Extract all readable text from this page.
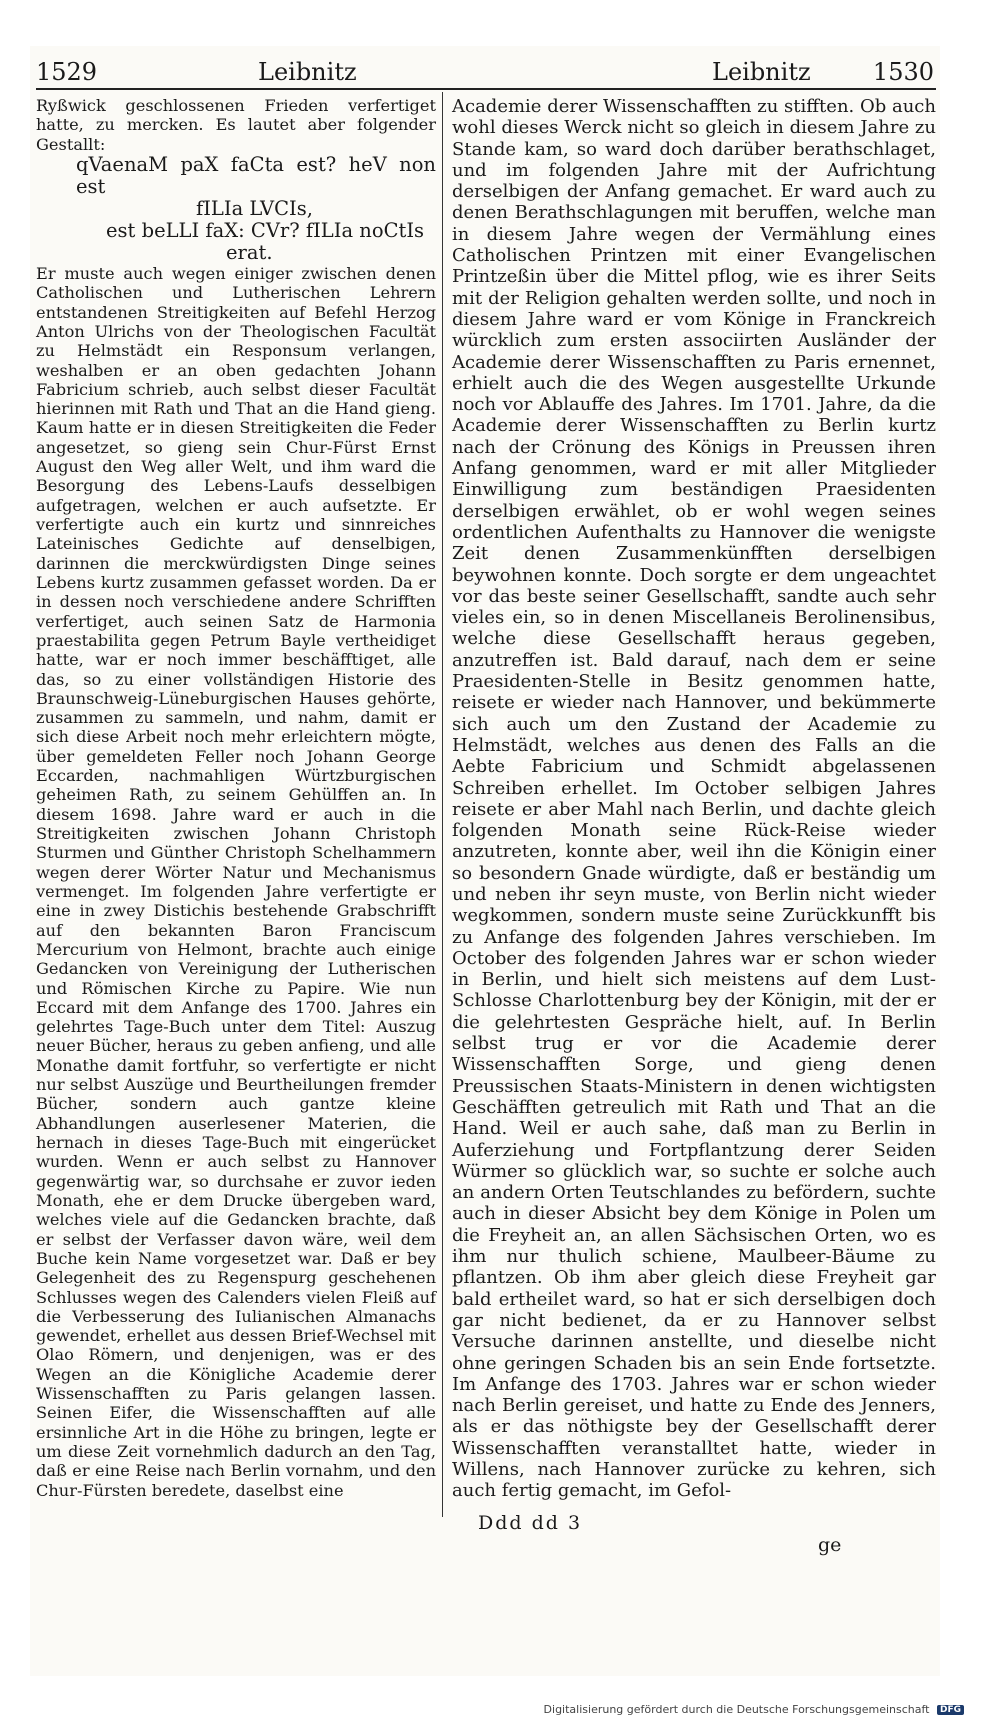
1529	Leibnitz	Leibnitz	1530

Ryßwick geschlossenen Frieden verfertiget hatte, zu mercken. Es lautet aber folgender Gestallt:

qVaenaM paX faCta est? heV non est

fILIa LVCIs,

est beLLI faX: CVr? fILIa noCtIs

erat.

Er muste auch wegen einiger zwischen denen Catholischen und Lutherischen Lehrern entstandenen Streitigkeiten auf Befehl Herzog Anton Ulrichs von der Theologischen Facultät zu Helmstädt ein Responsum verlangen, weshalben er an oben gedachten Johann Fabricium schrieb, auch selbst dieser Facultät hierinnen mit Rath und That an die Hand gieng. Kaum hatte er in diesen Streitigkeiten die Feder angesetzet, so gieng sein Chur-Fürst Ernst August den Weg aller Welt, und ihm ward die Besorgung des Lebens-Laufs desselbigen aufgetragen, welchen er auch aufsetzte. Er verfertigte auch ein kurtz und sinnreiches Lateinisches Gedichte auf denselbigen, darinnen die merckwürdigsten Dinge seines Lebens kurtz zusammen gefasset worden. Da er in dessen noch verschiedene andere Schrifften verfertiget, auch seinen Satz de Harmonia praestabilita gegen Petrum Bayle vertheidiget hatte, war er noch immer beschäfftiget, alle das, so zu einer vollständigen Historie des Braunschweig-Lüneburgischen Hauses gehörte, zusammen zu sammeln, und nahm, damit er sich diese Arbeit noch mehr erleichtern mögte, über gemeldeten Feller noch Johann George Eccarden, nachmahligen Würtzburgischen geheimen Rath, zu seinem Gehülffen an. In diesem 1698. Jahre ward er auch in die Streitigkeiten zwischen Johann Christoph Sturmen und Günther Christoph Schelhammern wegen derer Wörter Natur und Mechanismus vermenget. Im folgenden Jahre verfertigte er eine in zwey Distichis bestehende Grabschrifft auf den bekannten Baron Franciscum Mercurium von Helmont, brachte auch einige Gedancken von Vereinigung der Lutherischen und Römischen Kirche zu Papire. Wie nun Eccard mit dem Anfange des 1700. Jahres ein gelehrtes Tage-Buch unter dem Titel: Auszug neuer Bücher, heraus zu geben anfieng, und alle Monathe damit fortfuhr, so verfertigte er nicht nur selbst Auszüge und Beurtheilungen fremder Bücher, sondern auch gantze kleine Abhandlungen auserlesener Materien, die hernach in dieses Tage-Buch mit eingerücket wurden. Wenn er auch selbst zu Hannover gegenwärtig war, so durchsahe er zuvor ieden Monath, ehe er dem Drucke übergeben ward, welches viele auf die Gedancken brachte, daß er selbst der Verfasser davon wäre, weil dem Buche kein Name vorgesetzet war. Daß er bey Gelegenheit des zu Regenspurg geschehenen Schlusses wegen des Calenders vielen Fleiß auf die Verbesserung des Iulianischen Almanachs gewendet, erhellet aus dessen Brief-Wechsel mit Olao Römern, und denjenigen, was er des Wegen an die Königliche Academie derer Wissenschafften zu Paris gelangen lassen. Seinen Eifer, die Wissenschafften auf alle ersinnliche Art in die Höhe zu bringen, legte er um diese Zeit vornehmlich dadurch an den Tag, daß er eine Reise nach Berlin vornahm, und den Chur-Fürsten beredete, daselbst eine

Academie derer Wissenschafften zu stifften. Ob auch wohl dieses Werck nicht so gleich in diesem Jahre zu Stande kam, so ward doch darüber berathschlaget, und im folgenden Jahre mit der Aufrichtung derselbigen der Anfang gemachet. Er ward auch zu denen Berathschlagungen mit beruffen, welche man in diesem Jahre wegen der Vermählung eines Catholischen Printzen mit einer Evangelischen Printzeßin über die Mittel pflog, wie es ihrer Seits mit der Religion gehalten werden sollte, und noch in diesem Jahre ward er vom Könige in Franckreich würcklich zum ersten associirten Ausländer der Academie derer Wissenschafften zu Paris ernennet, erhielt auch die des Wegen ausgestellte Urkunde noch vor Ablauffe des Jahres. Im 1701. Jahre, da die Academie derer Wissenschafften zu Berlin kurtz nach der Crönung des Königs in Preussen ihren Anfang genommen, ward er mit aller Mitglieder Einwilligung zum beständigen Praesidenten derselbigen erwählet, ob er wohl wegen seines ordentlichen Aufenthalts zu Hannover die wenigste Zeit denen Zusammenkünfften derselbigen beywohnen konnte. Doch sorgte er dem ungeachtet vor das beste seiner Gesellschafft, sandte auch sehr vieles ein, so in denen Miscellaneis Berolinensibus, welche diese Gesellschafft heraus gegeben, anzutreffen ist. Bald darauf, nach dem er seine Praesidenten-Stelle in Besitz genommen hatte, reisete er wieder nach Hannover, und bekümmerte sich auch um den Zustand der Academie zu Helmstädt, welches aus denen des Falls an die Aebte Fabricium und Schmidt abgelassenen Schreiben erhellet. Im October selbigen Jahres reisete er aber Mahl nach Berlin, und dachte gleich folgenden Monath seine Rück-Reise wieder anzutreten, konnte aber, weil ihn die Königin einer so besondern Gnade würdigte, daß er beständig um und neben ihr seyn muste, von Berlin nicht wieder wegkommen, sondern muste seine Zurückkunfft bis zu Anfange des folgenden Jahres verschieben. Im October des folgenden Jahres war er schon wieder in Berlin, und hielt sich meistens auf dem Lust-Schlosse Charlottenburg bey der Königin, mit der er die gelehrtesten Gespräche hielt, auf. In Berlin selbst trug er vor die Academie derer Wissenschafften Sorge, und gieng denen Preussischen Staats-Ministern in denen wichtigsten Geschäfften getreulich mit Rath und That an die Hand. Weil er auch sahe, daß man zu Berlin in Auferziehung und Fortpflantzung derer Seiden Würmer so glücklich war, so suchte er solche auch an andern Orten Teutschlandes zu befördern, suchte auch in dieser Absicht bey dem Könige in Polen um die Freyheit an, an allen Sächsischen Orten, wo es ihm nur thulich schiene, Maulbeer-Bäume zu pflantzen. Ob ihm aber gleich diese Freyheit gar bald ertheilet ward, so hat er sich derselbigen doch gar nicht bedienet, da er zu Hannover selbst Versuche darinnen anstellte, und dieselbe nicht ohne geringen Schaden bis an sein Ende fortsetzte. Im Anfange des 1703. Jahres war er schon wieder nach Berlin gereiset, und hatte zu Ende des Jenners, als er das nöthigste bey der Gesellschafft derer Wissenschafften veranstalltet hatte, wieder in Willens, nach Hannover zurücke zu kehren, sich auch fertig gemacht, im Gefol-

Ddd dd 3
ge
Digitalisierung gefördert durch die Deutsche Forschungsgemeinschaft DFG
